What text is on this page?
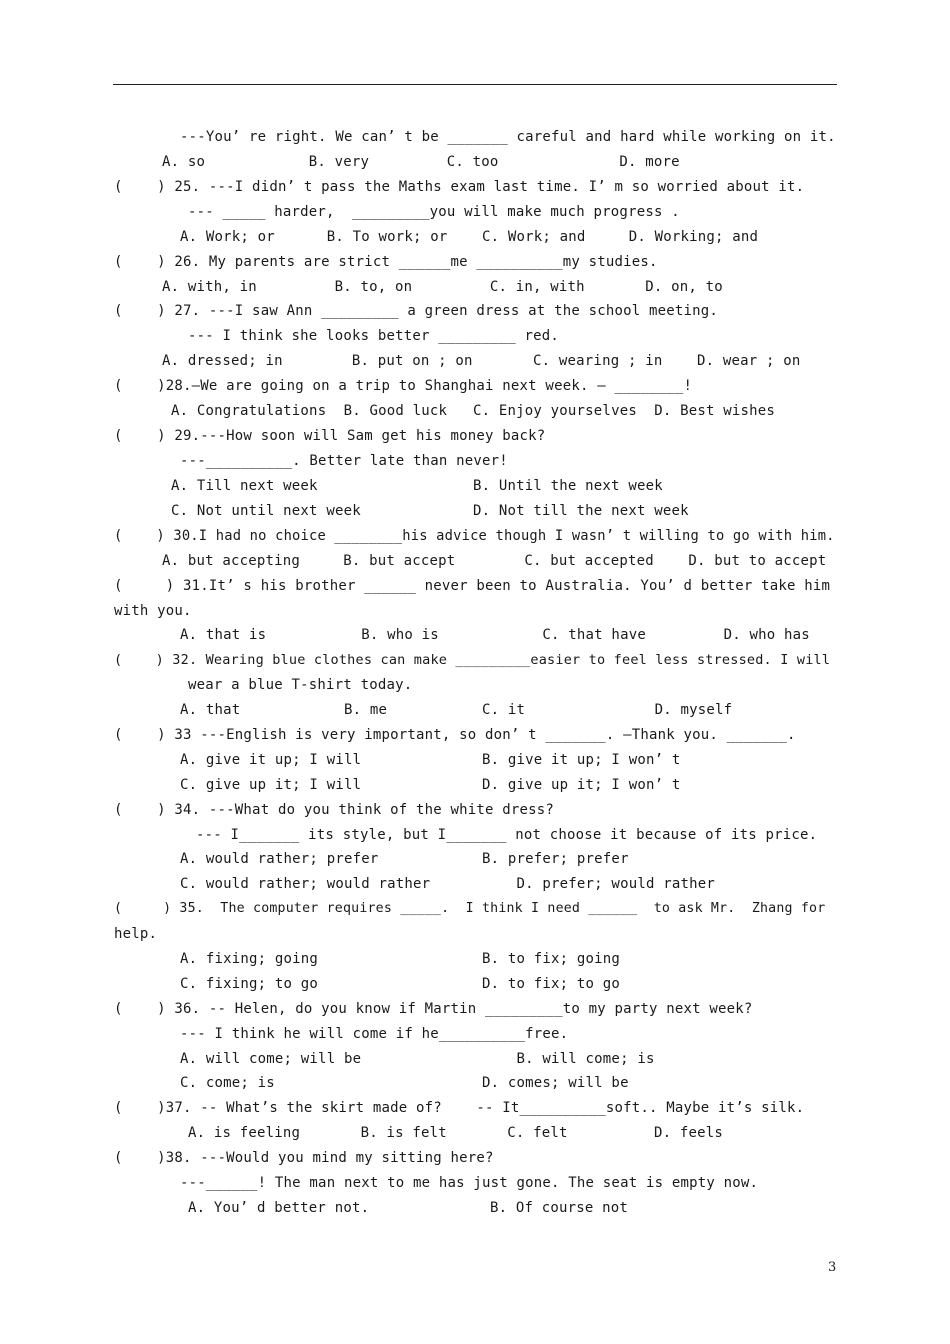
---You’ re right. We can’ t be _______ careful and hard while working on it.
A. so            B. very         C. too              D. more
(    ) 25. ---I didn’ t pass the Maths exam last time. I’ m so worried about it.
--- _____ harder,  _________you will make much progress .
A. Work; or      B. To work; or    C. Work; and     D. Working; and
(    ) 26. My parents are strict ______me __________my studies.
A. with, in         B. to, on         C. in, with       D. on, to
(    ) 27. ---I saw Ann _________ a green dress at the school meeting.
--- I think she looks better _________ red.
A. dressed; in        B. put on ; on       C. wearing ; in    D. wear ; on
(    )28.—We are going on a trip to Shanghai next week. — ________!
A. Congratulations  B. Good luck   C. Enjoy yourselves  D. Best wishes
(    ) 29.---How soon will Sam get his money back?
---__________. Better late than never!
A. Till next week                  B. Until the next week
C. Not until next week             D. Not till the next week
(    ) 30.I had no choice ________his advice though I wasn’ t willing to go with him.
A. but accepting     B. but accept        C. but accepted    D. but to accept
(     ) 31.It’ s his brother ______ never been to Australia. You’ d better take him
with you.
A. that is           B. who is            C. that have         D. who has
(    ) 32. Wearing blue clothes can make _________easier to feel less stressed. I will
wear a blue T-shirt today.
A. that            B. me           C. it               D. myself
(    ) 33 ---English is very important, so don’ t _______. —Thank you. _______.
A. give it up; I will              B. give it up; I won’ t
C. give up it; I will              D. give up it; I won’ t
(    ) 34. ---What do you think of the white dress?
--- I_______ its style, but I_______ not choose it because of its price.
A. would rather; prefer            B. prefer; prefer
C. would rather; would rather          D. prefer; would rather
(     ) 35.  The computer requires _____.  I think I need ______  to ask Mr.  Zhang for
help.
A. fixing; going                   B. to fix; going
C. fixing; to go                   D. to fix; to go
(    ) 36. -- Helen, do you know if Martin _________to my party next week?
--- I think he will come if he__________free.
A. will come; will be                  B. will come; is
C. come; is                        D. comes; will be
(    )37. -- What’s the skirt made of?    -- It__________soft.. Maybe it’s silk.
A. is feeling       B. is felt       C. felt          D. feels
(    )38. ---Would you mind my sitting here?
---______! The man next to me has just gone. The seat is empty now.
A. You’ d better not.              B. Of course not
3
